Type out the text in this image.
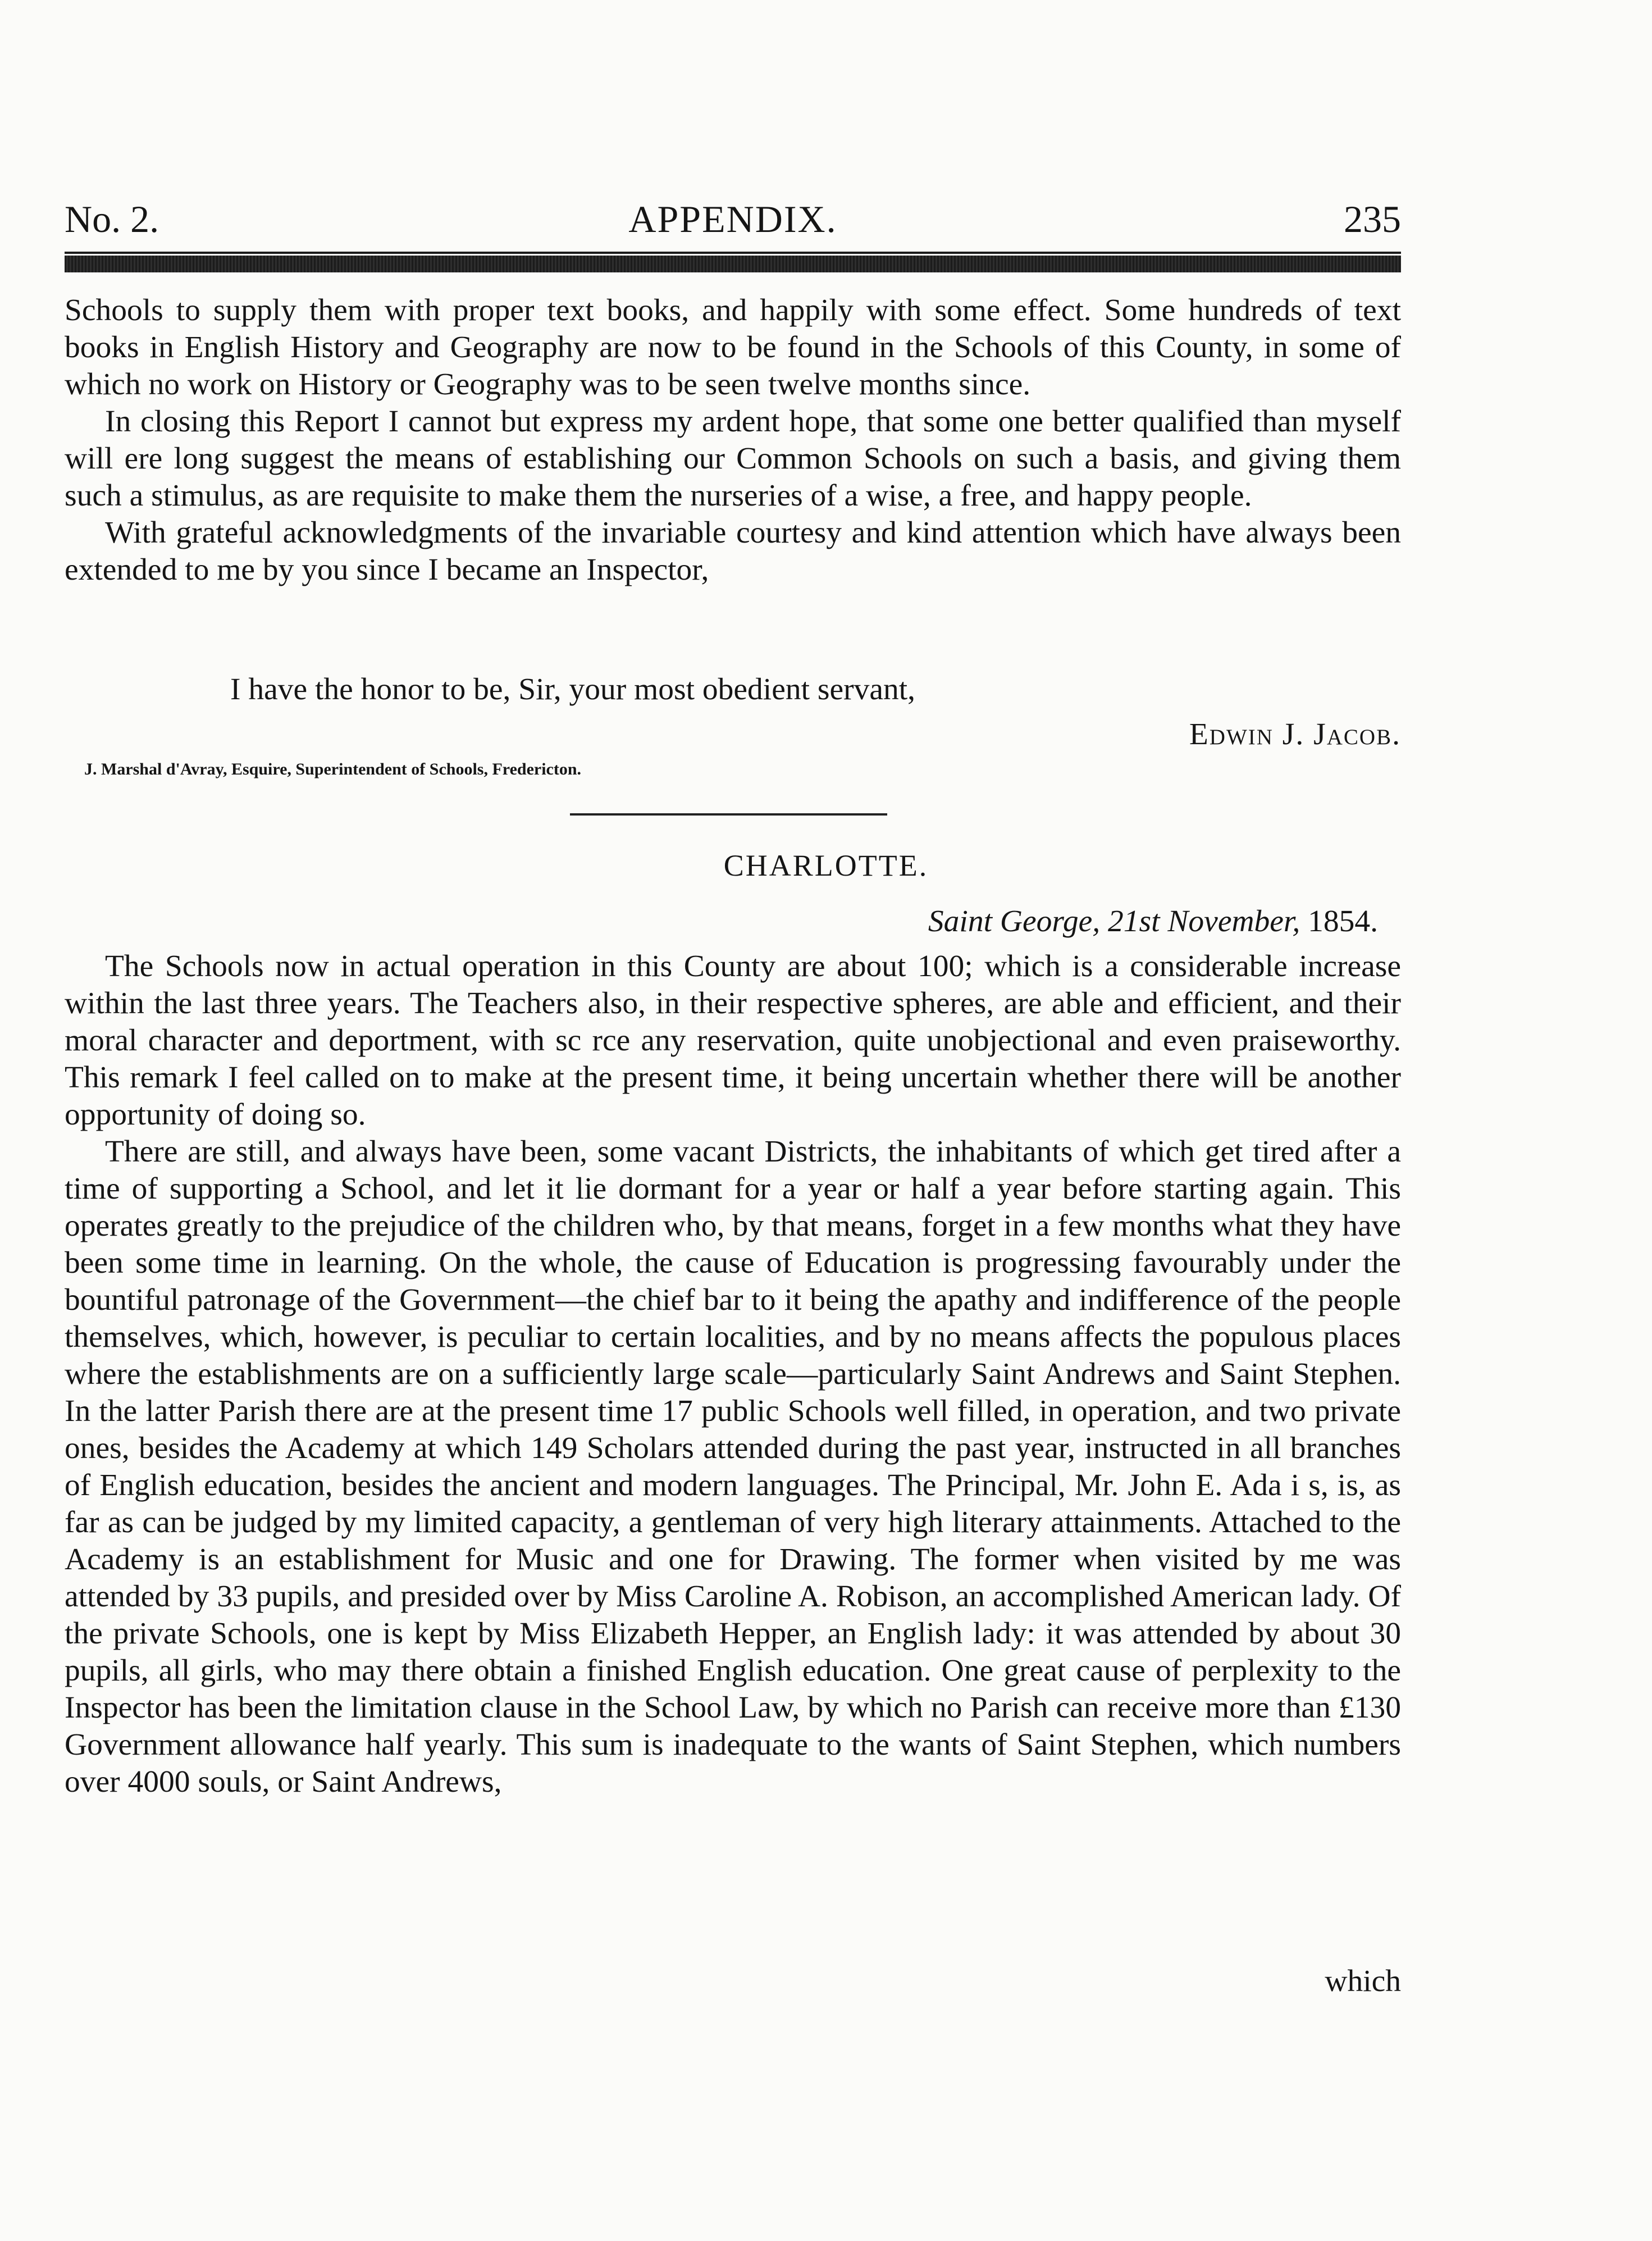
No. 2.	APPENDIX.	235

Schools to supply them with proper text books, and happily with some effect. Some hundreds of text books in English History and Geography are now to be found in the Schools of this County, in some of which no work on History or Geography was to be seen twelve months since.

In closing this Report I cannot but express my ardent hope, that some one better qualified than myself will ere long suggest the means of establishing our Common Schools on such a basis, and giving them such a stimulus, as are requisite to make them the nurseries of a wise, a free, and happy people.

With grateful acknowledgments of the invariable courtesy and kind attention which have always been extended to me by you since I became an Inspector,

I have the honor to be, Sir, your most obedient servant,
Edwin J. Jacob.
J. Marshal d'Avray, Esquire, Superintendent of Schools, Fredericton.
CHARLOTTE.
Saint George, 21st November, 1854.

The Schools now in actual operation in this County are about 100; which is a considerable increase within the last three years. The Teachers also, in their respective spheres, are able and efficient, and their moral character and deportment, with sc rce any reservation, quite unobjectional and even praiseworthy. This remark I feel called on to make at the present time, it being uncertain whether there will be another opportunity of doing so.

There are still, and always have been, some vacant Districts, the inhabitants of which get tired after a time of supporting a School, and let it lie dormant for a year or half a year before starting again. This operates greatly to the prejudice of the children who, by that means, forget in a few months what they have been some time in learning. On the whole, the cause of Education is progressing favourably under the bountiful patronage of the Government—the chief bar to it being the apathy and indifference of the people themselves, which, however, is peculiar to certain localities, and by no means affects the populous places where the establishments are on a sufficiently large scale—particularly Saint Andrews and Saint Stephen. In the latter Parish there are at the present time 17 public Schools well filled, in operation, and two private ones, besides the Academy at which 149 Scholars attended during the past year, instructed in all branches of English education, besides the ancient and modern languages. The Principal, Mr. John E. Ada i s, is, as far as can be judged by my limited capacity, a gentleman of very high literary attainments. Attached to the Academy is an establishment for Music and one for Drawing. The former when visited by me was attended by 33 pupils, and presided over by Miss Caroline A. Robison, an accomplished American lady. Of the private Schools, one is kept by Miss Elizabeth Hepper, an English lady: it was attended by about 30 pupils, all girls, who may there obtain a finished English education. One great cause of perplexity to the Inspector has been the limitation clause in the School Law, by which no Parish can receive more than £130 Government allowance half yearly. This sum is inadequate to the wants of Saint Stephen, which numbers over 4000 souls, or Saint Andrews,

which
